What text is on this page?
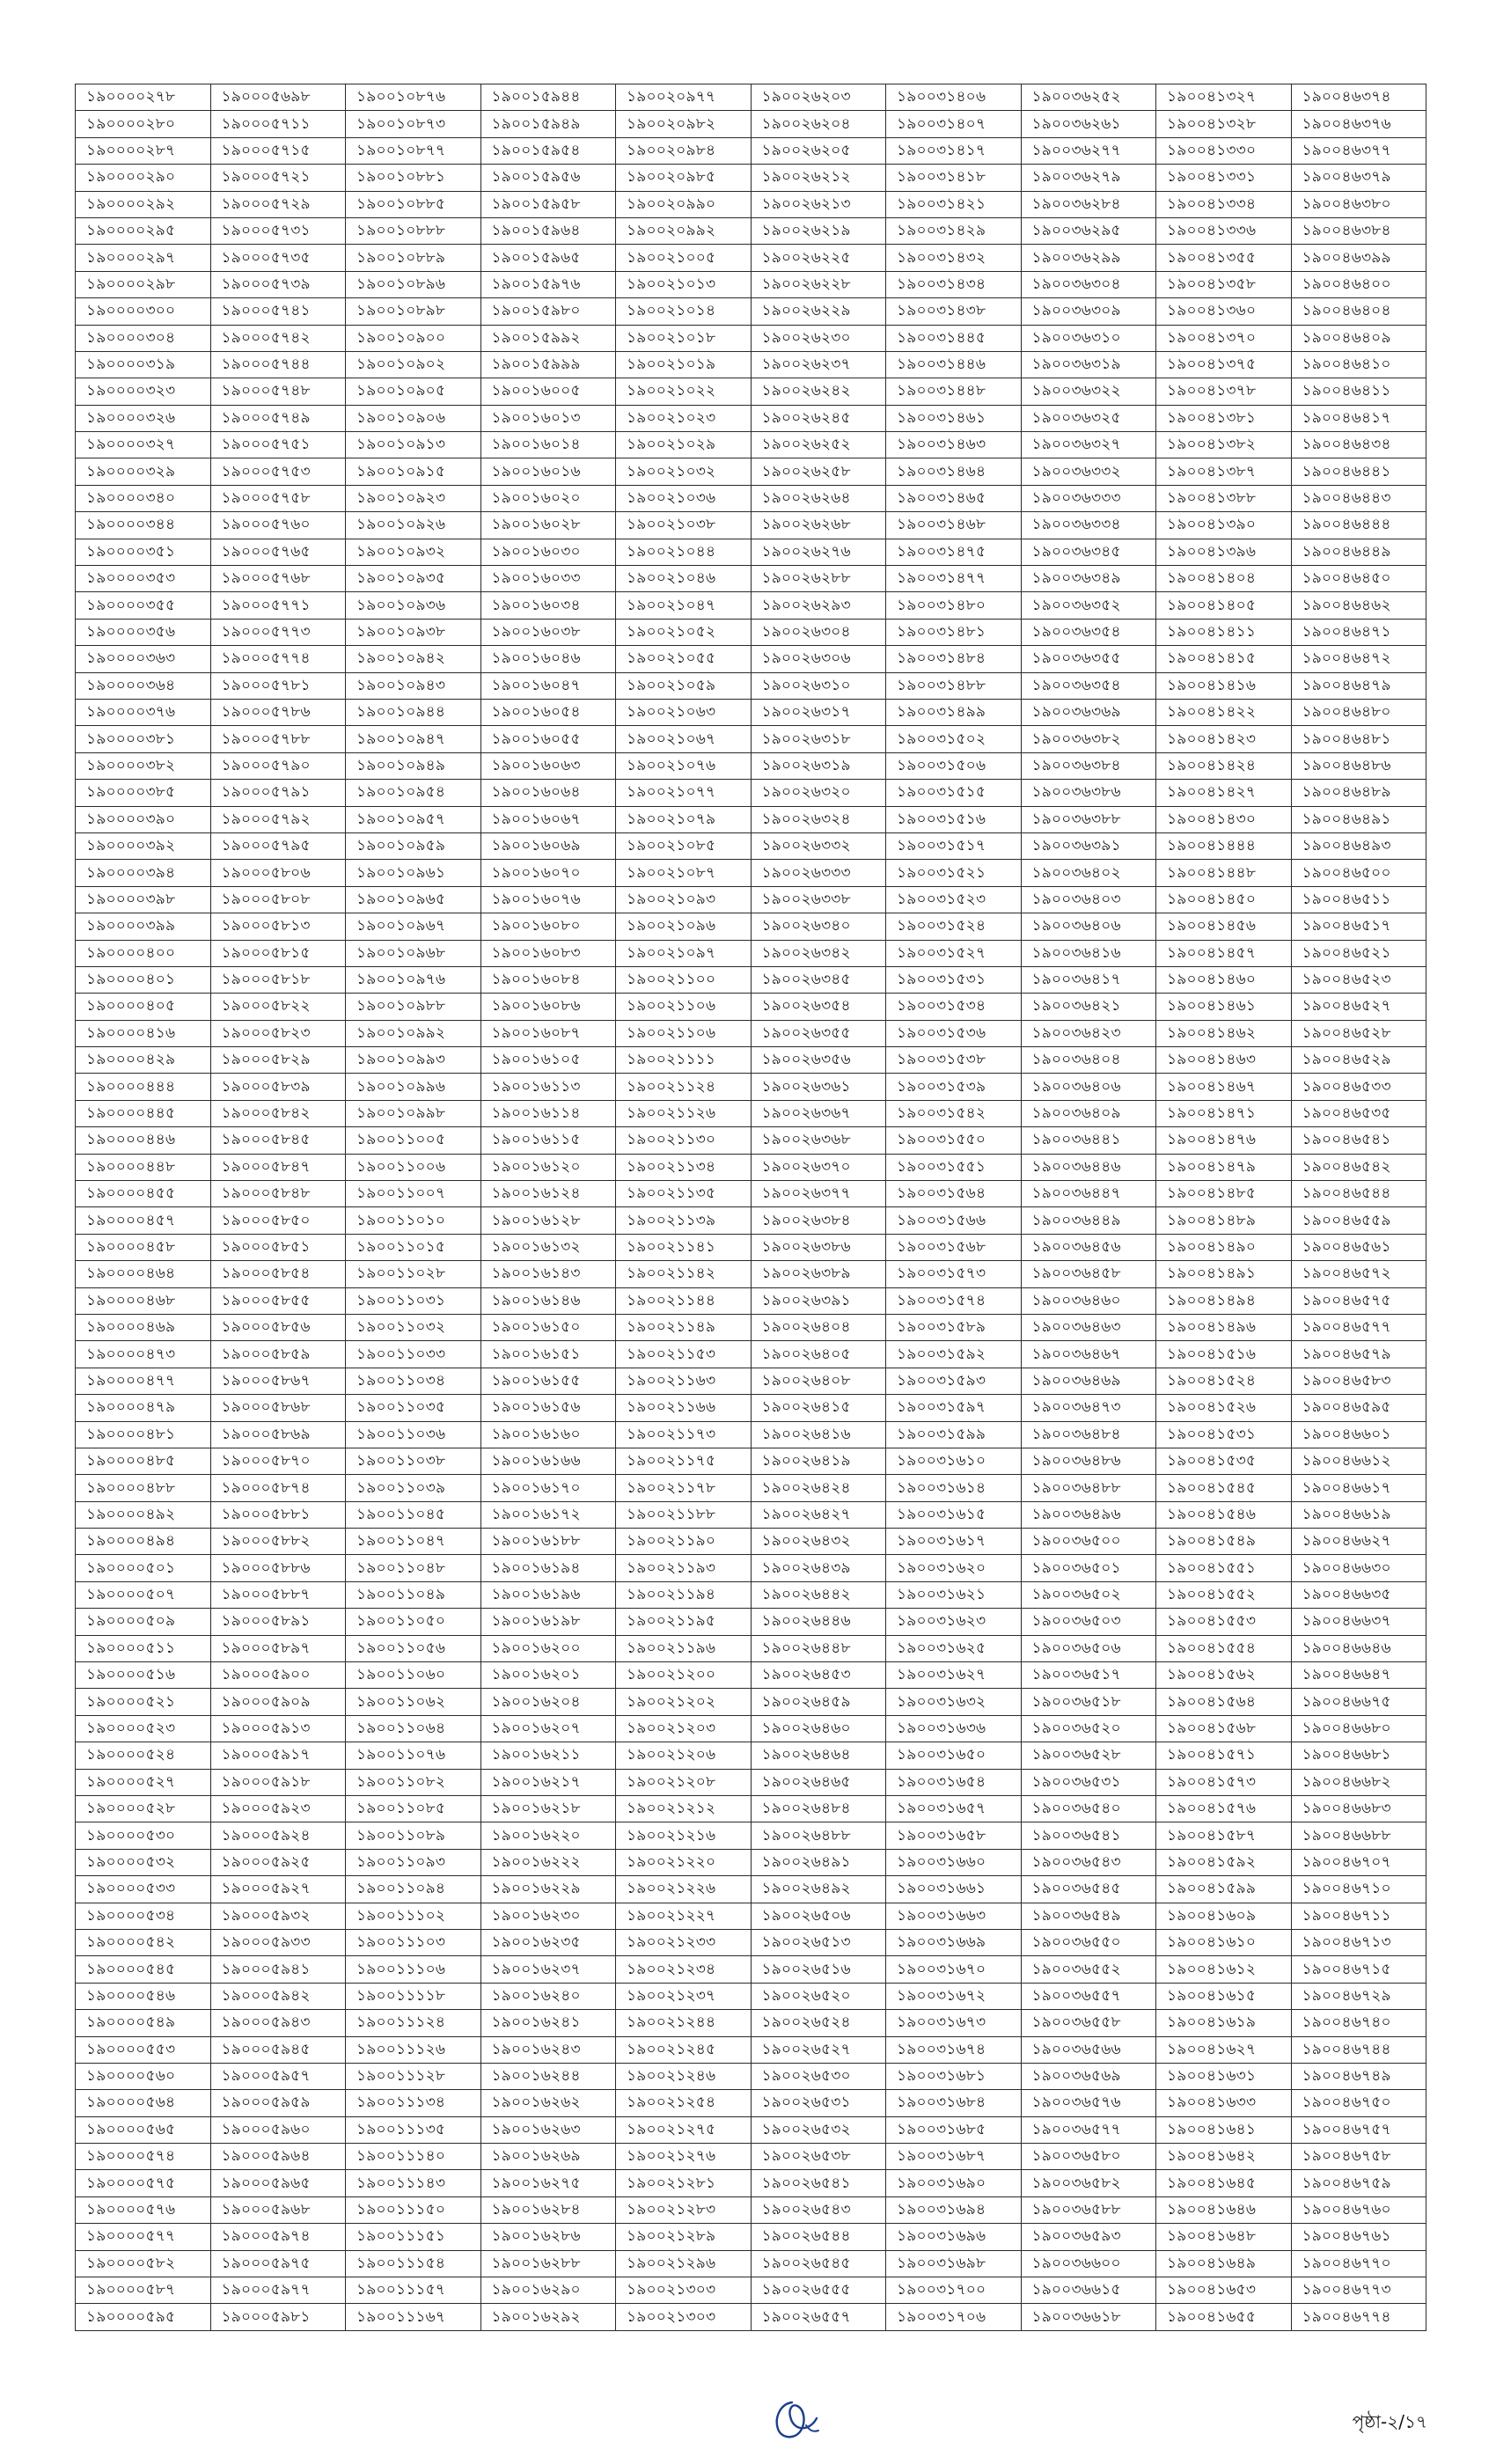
১৯০০০০২৭৮	১৯০০০৫৬৯৮	১৯০০১০৮৭৬	১৯০০১৫৯৪৪	১৯০০২০৯৭৭	১৯০০২৬২০৩	১৯০০৩১৪০৬	১৯০০৩৬২৫২	১৯০০৪১৩২৭	১৯০০৪৬৩৭৪
১৯০০০০২৮০	১৯০০০৫৭১১	১৯০০১০৮৭৩	১৯০০১৫৯৪৯	১৯০০২০৯৮২	১৯০০২৬২০৪	১৯০০৩১৪০৭	১৯০০৩৬২৬১	১৯০০৪১৩২৮	১৯০০৪৬৩৭৬
১৯০০০০২৮৭	১৯০০০৫৭১৫	১৯০০১০৮৭৭	১৯০০১৫৯৫৪	১৯০০২০৯৮৪	১৯০০২৬২০৫	১৯০০৩১৪১৭	১৯০০৩৬২৭৭	১৯০০৪১৩৩০	১৯০০৪৬৩৭৭
১৯০০০০২৯০	১৯০০০৫৭২১	১৯০০১০৮৮১	১৯০০১৫৯৫৬	১৯০০২০৯৮৫	১৯০০২৬২১২	১৯০০৩১৪১৮	১৯০০৩৬২৭৯	১৯০০৪১৩৩১	১৯০০৪৬৩৭৯
১৯০০০০২৯২	১৯০০০৫৭২৯	১৯০০১০৮৮৫	১৯০০১৫৯৫৮	১৯০০২০৯৯০	১৯০০২৬২১৩	১৯০০৩১৪২১	১৯০০৩৬২৮৪	১৯০০৪১৩৩৪	১৯০০৪৬৩৮০
১৯০০০০২৯৫	১৯০০০৫৭৩১	১৯০০১০৮৮৮	১৯০০১৫৯৬৪	১৯০০২০৯৯২	১৯০০২৬২১৯	১৯০০৩১৪২৯	১৯০০৩৬২৯৫	১৯০০৪১৩৩৬	১৯০০৪৬৩৮৪
১৯০০০০২৯৭	১৯০০০৫৭৩৫	১৯০০১০৮৮৯	১৯০০১৫৯৬৫	১৯০০২১০০৫	১৯০০২৬২২৫	১৯০০৩১৪৩২	১৯০০৩৬২৯৯	১৯০০৪১৩৫৫	১৯০০৪৬৩৯৯
১৯০০০০২৯৮	১৯০০০৫৭৩৯	১৯০০১০৮৯৬	১৯০০১৫৯৭৬	১৯০০২১০১৩	১৯০০২৬২২৮	১৯০০৩১৪৩৪	১৯০০৩৬৩০৪	১৯০০৪১৩৫৮	১৯০০৪৬৪০০
১৯০০০০৩০০	১৯০০০৫৭৪১	১৯০০১০৮৯৮	১৯০০১৫৯৮০	১৯০০২১০১৪	১৯০০২৬২২৯	১৯০০৩১৪৩৮	১৯০০৩৬৩০৯	১৯০০৪১৩৬০	১৯০০৪৬৪০৪
১৯০০০০৩০৪	১৯০০০৫৭৪২	১৯০০১০৯০০	১৯০০১৫৯৯২	১৯০০২১০১৮	১৯০০২৬২৩০	১৯০০৩১৪৪৫	১৯০০৩৬৩১০	১৯০০৪১৩৭০	১৯০০৪৬৪০৯
১৯০০০০৩১৯	১৯০০০৫৭৪৪	১৯০০১০৯০২	১৯০০১৫৯৯৯	১৯০০২১০১৯	১৯০০২৬২৩৭	১৯০০৩১৪৪৬	১৯০০৩৬৩১৯	১৯০০৪১৩৭৫	১৯০০৪৬৪১০
১৯০০০০৩২৩	১৯০০০৫৭৪৮	১৯০০১০৯০৫	১৯০০১৬০০৫	১৯০০২১০২২	১৯০০২৬২৪২	১৯০০৩১৪৪৮	১৯০০৩৬৩২২	১৯০০৪১৩৭৮	১৯০০৪৬৪১১
১৯০০০০৩২৬	১৯০০০৫৭৪৯	১৯০০১০৯০৬	১৯০০১৬০১৩	১৯০০২১০২৩	১৯০০২৬২৪৫	১৯০০৩১৪৬১	১৯০০৩৬৩২৫	১৯০০৪১৩৮১	১৯০০৪৬৪১৭
১৯০০০০৩২৭	১৯০০০৫৭৫১	১৯০০১০৯১৩	১৯০০১৬০১৪	১৯০০২১০২৯	১৯০০২৬২৫২	১৯০০৩১৪৬৩	১৯০০৩৬৩২৭	১৯০০৪১৩৮২	১৯০০৪৬৪৩৪
১৯০০০০৩২৯	১৯০০০৫৭৫৩	১৯০০১০৯১৫	১৯০০১৬০১৬	১৯০০২১০৩২	১৯০০২৬২৫৮	১৯০০৩১৪৬৪	১৯০০৩৬৩৩২	১৯০০৪১৩৮৭	১৯০০৪৬৪৪১
১৯০০০০৩৪০	১৯০০০৫৭৫৮	১৯০০১০৯২৩	১৯০০১৬০২০	১৯০০২১০৩৬	১৯০০২৬২৬৪	১৯০০৩১৪৬৫	১৯০০৩৬৩৩৩	১৯০০৪১৩৮৮	১৯০০৪৬৪৪৩
১৯০০০০৩৪৪	১৯০০০৫৭৬০	১৯০০১০৯২৬	১৯০০১৬০২৮	১৯০০২১০৩৮	১৯০০২৬২৬৮	১৯০০৩১৪৬৮	১৯০০৩৬৩৩৪	১৯০০৪১৩৯০	১৯০০৪৬৪৪৪
১৯০০০০৩৫১	১৯০০০৫৭৬৫	১৯০০১০৯৩২	১৯০০১৬০৩০	১৯০০২১০৪৪	১৯০০২৬২৭৬	১৯০০৩১৪৭৫	১৯০০৩৬৩৪৫	১৯০০৪১৩৯৬	১৯০০৪৬৪৪৯
১৯০০০০৩৫৩	১৯০০০৫৭৬৮	১৯০০১০৯৩৫	১৯০০১৬০৩৩	১৯০০২১০৪৬	১৯০০২৬২৮৮	১৯০০৩১৪৭৭	১৯০০৩৬৩৪৯	১৯০০৪১৪০৪	১৯০০৪৬৪৫০
১৯০০০০৩৫৫	১৯০০০৫৭৭১	১৯০০১০৯৩৬	১৯০০১৬০৩৪	১৯০০২১০৪৭	১৯০০২৬২৯৩	১৯০০৩১৪৮০	১৯০০৩৬৩৫২	১৯০০৪১৪০৫	১৯০০৪৬৪৬২
১৯০০০০৩৫৬	১৯০০০৫৭৭৩	১৯০০১০৯৩৮	১৯০০১৬০৩৮	১৯০০২১০৫২	১৯০০২৬৩০৪	১৯০০৩১৪৮১	১৯০০৩৬৩৫৪	১৯০০৪১৪১১	১৯০০৪৬৪৭১
১৯০০০০৩৬৩	১৯০০০৫৭৭৪	১৯০০১০৯৪২	১৯০০১৬০৪৬	১৯০০২১০৫৫	১৯০০২৬৩০৬	১৯০০৩১৪৮৪	১৯০০৩৬৩৫৫	১৯০০৪১৪১৫	১৯০০৪৬৪৭২
১৯০০০০৩৬৪	১৯০০০৫৭৮১	১৯০০১০৯৪৩	১৯০০১৬০৪৭	১৯০০২১০৫৯	১৯০০২৬৩১০	১৯০০৩১৪৮৮	১৯০০৩৬৩৫৪	১৯০০৪১৪১৬	১৯০০৪৬৪৭৯
১৯০০০০৩৭৬	১৯০০০৫৭৮৬	১৯০০১০৯৪৪	১৯০০১৬০৫৪	১৯০০২১০৬৩	১৯০০২৬৩১৭	১৯০০৩১৪৯৯	১৯০০৩৬৩৬৯	১৯০০৪১৪২২	১৯০০৪৬৪৮০
১৯০০০০৩৮১	১৯০০০৫৭৮৮	১৯০০১০৯৪৭	১৯০০১৬০৫৫	১৯০০২১০৬৭	১৯০০২৬৩১৮	১৯০০৩১৫০২	১৯০০৩৬৩৮২	১৯০০৪১৪২৩	১৯০০৪৬৪৮১
১৯০০০০৩৮২	১৯০০০৫৭৯০	১৯০০১০৯৪৯	১৯০০১৬০৬৩	১৯০০২১০৭৬	১৯০০২৬৩১৯	১৯০০৩১৫০৬	১৯০০৩৬৩৮৪	১৯০০৪১৪২৪	১৯০০৪৬৪৮৬
১৯০০০০৩৮৫	১৯০০০৫৭৯১	১৯০০১০৯৫৪	১৯০০১৬০৬৪	১৯০০২১০৭৭	১৯০০২৬৩২০	১৯০০৩১৫১৫	১৯০০৩৬৩৮৬	১৯০০৪১৪২৭	১৯০০৪৬৪৮৯
১৯০০০০৩৯০	১৯০০০৫৭৯২	১৯০০১০৯৫৭	১৯০০১৬০৬৭	১৯০০২১০৭৯	১৯০০২৬৩২৪	১৯০০৩১৫১৬	১৯০০৩৬৩৮৮	১৯০০৪১৪৩০	১৯০০৪৬৪৯১
১৯০০০০৩৯২	১৯০০০৫৭৯৫	১৯০০১০৯৫৯	১৯০০১৬০৬৯	১৯০০২১০৮৫	১৯০০২৬৩৩২	১৯০০৩১৫১৭	১৯০০৩৬৩৯১	১৯০০৪১৪৪৪	১৯০০৪৬৪৯৩
১৯০০০০৩৯৪	১৯০০০৫৮০৬	১৯০০১০৯৬১	১৯০০১৬০৭০	১৯০০২১০৮৭	১৯০০২৬৩৩৩	১৯০০৩১৫২১	১৯০০৩৬৪০২	১৯০০৪১৪৪৮	১৯০০৪৬৫০০
১৯০০০০৩৯৮	১৯০০০৫৮০৮	১৯০০১০৯৬৫	১৯০০১৬০৭৬	১৯০০২১০৯৩	১৯০০২৬৩৩৮	১৯০০৩১৫২৩	১৯০০৩৬৪০৩	১৯০০৪১৪৫০	১৯০০৪৬৫১১
১৯০০০০৩৯৯	১৯০০০৫৮১৩	১৯০০১০৯৬৭	১৯০০১৬০৮০	১৯০০২১০৯৬	১৯০০২৬৩৪০	১৯০০৩১৫২৪	১৯০০৩৬৪০৬	১৯০০৪১৪৫৬	১৯০০৪৬৫১৭
১৯০০০০৪০০	১৯০০০৫৮১৫	১৯০০১০৯৬৮	১৯০০১৬০৮৩	১৯০০২১০৯৭	১৯০০২৬৩৪২	১৯০০৩১৫২৭	১৯০০৩৬৪১৬	১৯০০৪১৪৫৭	১৯০০৪৬৫২১
১৯০০০০৪০১	১৯০০০৫৮১৮	১৯০০১০৯৭৬	১৯০০১৬০৮৪	১৯০০২১১০০	১৯০০২৬৩৪৫	১৯০০৩১৫৩১	১৯০০৩৬৪১৭	১৯০০৪১৪৬০	১৯০০৪৬৫২৩
১৯০০০০৪০৫	১৯০০০৫৮২২	১৯০০১০৯৮৮	১৯০০১৬০৮৬	১৯০০২১১০৬	১৯০০২৬৩৫৪	১৯০০৩১৫৩৪	১৯০০৩৬৪২১	১৯০০৪১৪৬১	১৯০০৪৬৫২৭
১৯০০০০৪১৬	১৯০০০৫৮২৩	১৯০০১০৯৯২	১৯০০১৬০৮৭	১৯০০২১১০৬	১৯০০২৬৩৫৫	১৯০০৩১৫৩৬	১৯০০৩৬৪২৩	১৯০০৪১৪৬২	১৯০০৪৬৫২৮
১৯০০০০৪২৯	১৯০০০৫৮২৯	১৯০০১০৯৯৩	১৯০০১৬১০৫	১৯০০২১১১১	১৯০০২৬৩৫৬	১৯০০৩১৫৩৮	১৯০০৩৬৪০৪	১৯০০৪১৪৬৩	১৯০০৪৬৫২৯
১৯০০০০৪৪৪	১৯০০০৫৮৩৯	১৯০০১০৯৯৬	১৯০০১৬১১৩	১৯০০২১১২৪	১৯০০২৬৩৬১	১৯০০৩১৫৩৯	১৯০০৩৬৪০৬	১৯০০৪১৪৬৭	১৯০০৪৬৫৩৩
১৯০০০০৪৪৫	১৯০০০৫৮৪২	১৯০০১০৯৯৮	১৯০০১৬১১৪	১৯০০২১১২৬	১৯০০২৬৩৬৭	১৯০০৩১৫৪২	১৯০০৩৬৪০৯	১৯০০৪১৪৭১	১৯০০৪৬৫৩৫
১৯০০০০৪৪৬	১৯০০০৫৮৪৫	১৯০০১১০০৫	১৯০০১৬১১৫	১৯০০২১১৩০	১৯০০২৬৩৬৮	১৯০০৩১৫৫০	১৯০০৩৬৪৪১	১৯০০৪১৪৭৬	১৯০০৪৬৫৪১
১৯০০০০৪৪৮	১৯০০০৫৮৪৭	১৯০০১১০০৬	১৯০০১৬১২০	১৯০০২১১৩৪	১৯০০২৬৩৭০	১৯০০৩১৫৫১	১৯০০৩৬৪৪৬	১৯০০৪১৪৭৯	১৯০০৪৬৫৪২
১৯০০০০৪৫৫	১৯০০০৫৮৪৮	১৯০০১১০০৭	১৯০০১৬১২৪	১৯০০২১১৩৫	১৯০০২৬৩৭৭	১৯০০৩১৫৬৪	১৯০০৩৬৪৪৭	১৯০০৪১৪৮৫	১৯০০৪৬৫৪৪
১৯০০০০৪৫৭	১৯০০০৫৮৫০	১৯০০১১০১০	১৯০০১৬১২৮	১৯০০২১১৩৯	১৯০০২৬৩৮৪	১৯০০৩১৫৬৬	১৯০০৩৬৪৪৯	১৯০০৪১৪৮৯	১৯০০৪৬৫৫৯
১৯০০০০৪৫৮	১৯০০০৫৮৫১	১৯০০১১০১৫	১৯০০১৬১৩২	১৯০০২১১৪১	১৯০০২৬৩৮৬	১৯০০৩১৫৬৮	১৯০০৩৬৪৫৬	১৯০০৪১৪৯০	১৯০০৪৬৫৬১
১৯০০০০৪৬৪	১৯০০০৫৮৫৪	১৯০০১১০২৮	১৯০০১৬১৪৩	১৯০০২১১৪২	১৯০০২৬৩৮৯	১৯০০৩১৫৭৩	১৯০০৩৬৪৫৮	১৯০০৪১৪৯১	১৯০০৪৬৫৭২
১৯০০০০৪৬৮	১৯০০০৫৮৫৫	১৯০০১১০৩১	১৯০০১৬১৪৬	১৯০০২১১৪৪	১৯০০২৬৩৯১	১৯০০৩১৫৭৪	১৯০০৩৬৪৬০	১৯০০৪১৪৯৪	১৯০০৪৬৫৭৫
১৯০০০০৪৬৯	১৯০০০৫৮৫৬	১৯০০১১০৩২	১৯০০১৬১৫০	১৯০০২১১৪৯	১৯০০২৬৪০৪	১৯০০৩১৫৮৯	১৯০০৩৬৪৬৩	১৯০০৪১৪৯৬	১৯০০৪৬৫৭৭
১৯০০০০৪৭৩	১৯০০০৫৮৫৯	১৯০০১১০৩৩	১৯০০১৬১৫১	১৯০০২১১৫৩	১৯০০২৬৪০৫	১৯০০৩১৫৯২	১৯০০৩৬৪৬৭	১৯০০৪১৫১৬	১৯০০৪৬৫৭৯
১৯০০০০৪৭৭	১৯০০০৫৮৬৭	১৯০০১১০৩৪	১৯০০১৬১৫৫	১৯০০২১১৬৩	১৯০০২৬৪০৮	১৯০০৩১৫৯৩	১৯০০৩৬৪৬৯	১৯০০৪১৫২৪	১৯০০৪৬৫৮৩
১৯০০০০৪৭৯	১৯০০০৫৮৬৮	১৯০০১১০৩৫	১৯০০১৬১৫৬	১৯০০২১১৬৬	১৯০০২৬৪১৫	১৯০০৩১৫৯৭	১৯০০৩৬৪৭৩	১৯০০৪১৫২৬	১৯০০৪৬৫৯৫
১৯০০০০৪৮১	১৯০০০৫৮৬৯	১৯০০১১০৩৬	১৯০০১৬১৬০	১৯০০২১১৭৩	১৯০০২৬৪১৬	১৯০০৩১৫৯৯	১৯০০৩৬৪৮৪	১৯০০৪১৫৩১	১৯০০৪৬৬০১
১৯০০০০৪৮৫	১৯০০০৫৮৭০	১৯০০১১০৩৮	১৯০০১৬১৬৬	১৯০০২১১৭৫	১৯০০২৬৪১৯	১৯০০৩১৬১০	১৯০০৩৬৪৮৬	১৯০০৪১৫৩৫	১৯০০৪৬৬১২
১৯০০০০৪৮৮	১৯০০০৫৮৭৪	১৯০০১১০৩৯	১৯০০১৬১৭০	১৯০০২১১৭৮	১৯০০২৬৪২৪	১৯০০৩১৬১৪	১৯০০৩৬৪৮৮	১৯০০৪১৫৪৫	১৯০০৪৬৬১৭
১৯০০০০৪৯২	১৯০০০৫৮৮১	১৯০০১১০৪৫	১৯০০১৬১৭২	১৯০০২১১৮৮	১৯০০২৬৪২৭	১৯০০৩১৬১৫	১৯০০৩৬৪৯৬	১৯০০৪১৫৪৬	১৯০০৪৬৬১৯
১৯০০০০৪৯৪	১৯০০০৫৮৮২	১৯০০১১০৪৭	১৯০০১৬১৮৮	১৯০০২১১৯০	১৯০০২৬৪৩২	১৯০০৩১৬১৭	১৯০০৩৬৫০০	১৯০০৪১৫৪৯	১৯০০৪৬৬২৭
১৯০০০০৫০১	১৯০০০৫৮৮৬	১৯০০১১০৪৮	১৯০০১৬১৯৪	১৯০০২১১৯৩	১৯০০২৬৪৩৯	১৯০০৩১৬২০	১৯০০৩৬৫০১	১৯০০৪১৫৫১	১৯০০৪৬৬৩০
১৯০০০০৫০৭	১৯০০০৫৮৮৭	১৯০০১১০৪৯	১৯০০১৬১৯৬	১৯০০২১১৯৪	১৯০০২৬৪৪২	১৯০০৩১৬২১	১৯০০৩৬৫০২	১৯০০৪১৫৫২	১৯০০৪৬৬৩৫
১৯০০০০৫০৯	১৯০০০৫৮৯১	১৯০০১১০৫০	১৯০০১৬১৯৮	১৯০০২১১৯৫	১৯০০২৬৪৪৬	১৯০০৩১৬২৩	১৯০০৩৬৫০৩	১৯০০৪১৫৫৩	১৯০০৪৬৬৩৭
১৯০০০০৫১১	১৯০০০৫৮৯৭	১৯০০১১০৫৬	১৯০০১৬২০০	১৯০০২১১৯৬	১৯০০২৬৪৪৮	১৯০০৩১৬২৫	১৯০০৩৬৫০৬	১৯০০৪১৫৫৪	১৯০০৪৬৬৪৬
১৯০০০০৫১৬	১৯০০০৫৯০০	১৯০০১১০৬০	১৯০০১৬২০১	১৯০০২১২০০	১৯০০২৬৪৫৩	১৯০০৩১৬২৭	১৯০০৩৬৫১৭	১৯০০৪১৫৬২	১৯০০৪৬৬৪৭
১৯০০০০৫২১	১৯০০০৫৯০৯	১৯০০১১০৬২	১৯০০১৬২০৪	১৯০০২১২০২	১৯০০২৬৪৫৯	১৯০০৩১৬৩২	১৯০০৩৬৫১৮	১৯০০৪১৫৬৪	১৯০০৪৬৬৭৫
১৯০০০০৫২৩	১৯০০০৫৯১৩	১৯০০১১০৬৪	১৯০০১৬২০৭	১৯০০২১২০৩	১৯০০২৬৪৬০	১৯০০৩১৬৩৬	১৯০০৩৬৫২০	১৯০০৪১৫৬৮	১৯০০৪৬৬৮০
১৯০০০০৫২৪	১৯০০০৫৯১৭	১৯০০১১০৭৬	১৯০০১৬২১১	১৯০০২১২০৬	১৯০০২৬৪৬৪	১৯০০৩১৬৫০	১৯০০৩৬৫২৮	১৯০০৪১৫৭১	১৯০০৪৬৬৮১
১৯০০০০৫২৭	১৯০০০৫৯১৮	১৯০০১১০৮২	১৯০০১৬২১৭	১৯০০২১২০৮	১৯০০২৬৪৬৫	১৯০০৩১৬৫৪	১৯০০৩৬৫৩১	১৯০০৪১৫৭৩	১৯০০৪৬৬৮২
১৯০০০০৫২৮	১৯০০০৫৯২৩	১৯০০১১০৮৫	১৯০০১৬২১৮	১৯০০২১২১২	১৯০০২৬৪৮৪	১৯০০৩১৬৫৭	১৯০০৩৬৫৪০	১৯০০৪১৫৭৬	১৯০০৪৬৬৮৩
১৯০০০০৫৩০	১৯০০০৫৯২৪	১৯০০১১০৮৯	১৯০০১৬২২০	১৯০০২১২১৬	১৯০০২৬৪৮৮	১৯০০৩১৬৫৮	১৯০০৩৬৫৪১	১৯০০৪১৫৮৭	১৯০০৪৬৬৮৮
১৯০০০০৫৩২	১৯০০০৫৯২৫	১৯০০১১০৯৩	১৯০০১৬২২২	১৯০০২১২২০	১৯০০২৬৪৯১	১৯০০৩১৬৬০	১৯০০৩৬৫৪৩	১৯০০৪১৫৯২	১৯০০৪৬৭০৭
১৯০০০০৫৩৩	১৯০০০৫৯২৭	১৯০০১১০৯৪	১৯০০১৬২২৯	১৯০০২১২২৬	১৯০০২৬৪৯২	১৯০০৩১৬৬১	১৯০০৩৬৫৪৫	১৯০০৪১৫৯৯	১৯০০৪৬৭১০
১৯০০০০৫৩৪	১৯০০০৫৯৩২	১৯০০১১১০২	১৯০০১৬২৩০	১৯০০২১২২৭	১৯০০২৬৫০৬	১৯০০৩১৬৬৩	১৯০০৩৬৫৪৯	১৯০০৪১৬০৯	১৯০০৪৬৭১১
১৯০০০০৫৪২	১৯০০০৫৯৩৩	১৯০০১১১০৩	১৯০০১৬২৩৫	১৯০০২১২৩৩	১৯০০২৬৫১৩	১৯০০৩১৬৬৯	১৯০০৩৬৫৫০	১৯০০৪১৬১০	১৯০০৪৬৭১৩
১৯০০০০৫৪৫	১৯০০০৫৯৪১	১৯০০১১১০৬	১৯০০১৬২৩৭	১৯০০২১২৩৪	১৯০০২৬৫১৬	১৯০০৩১৬৭০	১৯০০৩৬৫৫২	১৯০০৪১৬১২	১৯০০৪৬৭১৫
১৯০০০০৫৪৬	১৯০০০৫৯৪২	১৯০০১১১১৮	১৯০০১৬২৪০	১৯০০২১২৩৭	১৯০০২৬৫২০	১৯০০৩১৬৭২	১৯০০৩৬৫৫৭	১৯০০৪১৬১৫	১৯০০৪৬৭২৯
১৯০০০০৫৪৯	১৯০০০৫৯৪৩	১৯০০১১১২৪	১৯০০১৬২৪১	১৯০০২১২৪৪	১৯০০২৬৫২৪	১৯০০৩১৬৭৩	১৯০০৩৬৫৫৮	১৯০০৪১৬১৯	১৯০০৪৬৭৪০
১৯০০০০৫৫৩	১৯০০০৫৯৪৫	১৯০০১১১২৬	১৯০০১৬২৪৩	১৯০০২১২৪৫	১৯০০২৬৫২৭	১৯০০৩১৬৭৪	১৯০০৩৬৫৬৬	১৯০০৪১৬২৭	১৯০০৪৬৭৪৪
১৯০০০০৫৬০	১৯০০০৫৯৫৭	১৯০০১১১২৮	১৯০০১৬২৪৪	১৯০০২১২৪৬	১৯০০২৬৫৩০	১৯০০৩১৬৮১	১৯০০৩৬৫৬৯	১৯০০৪১৬৩১	১৯০০৪৬৭৪৯
১৯০০০০৫৬৪	১৯০০০৫৯৫৯	১৯০০১১১৩৪	১৯০০১৬২৬২	১৯০০২১২৫৪	১৯০০২৬৫৩১	১৯০০৩১৬৮৪	১৯০০৩৬৫৭৬	১৯০০৪১৬৩৩	১৯০০৪৬৭৫০
১৯০০০০৫৬৫	১৯০০০৫৯৬০	১৯০০১১১৩৫	১৯০০১৬২৬৩	১৯০০২১২৭৫	১৯০০২৬৫৩২	১৯০০৩১৬৮৫	১৯০০৩৬৫৭৭	১৯০০৪১৬৪১	১৯০০৪৬৭৫৭
১৯০০০০৫৭৪	১৯০০০৫৯৬৪	১৯০০১১১৪০	১৯০০১৬২৬৯	১৯০০২১২৭৬	১৯০০২৬৫৩৮	১৯০০৩১৬৮৭	১৯০০৩৬৫৮০	১৯০০৪১৬৪২	১৯০০৪৬৭৫৮
১৯০০০০৫৭৫	১৯০০০৫৯৬৫	১৯০০১১১৪৩	১৯০০১৬২৭৫	১৯০০২১২৮১	১৯০০২৬৫৪১	১৯০০৩১৬৯০	১৯০০৩৬৫৮২	১৯০০৪১৬৪৫	১৯০০৪৬৭৫৯
১৯০০০০৫৭৬	১৯০০০৫৯৬৮	১৯০০১১১৫০	১৯০০১৬২৮৪	১৯০০২১২৮৩	১৯০০২৬৫৪৩	১৯০০৩১৬৯৪	১৯০০৩৬৫৮৮	১৯০০৪১৬৪৬	১৯০০৪৬৭৬০
১৯০০০০৫৭৭	১৯০০০৫৯৭৪	১৯০০১১১৫১	১৯০০১৬২৮৬	১৯০০২১২৮৯	১৯০০২৬৫৪৪	১৯০০৩১৬৯৬	১৯০০৩৬৫৯৩	১৯০০৪১৬৪৮	১৯০০৪৬৭৬১
১৯০০০০৫৮২	১৯০০০৫৯৭৫	১৯০০১১১৫৪	১৯০০১৬২৮৮	১৯০০২১২৯৬	১৯০০২৬৫৪৫	১৯০০৩১৬৯৮	১৯০০৩৬৬০০	১৯০০৪১৬৪৯	১৯০০৪৬৭৭০
১৯০০০০৫৮৭	১৯০০০৫৯৭৭	১৯০০১১১৫৭	১৯০০১৬২৯০	১৯০০২১৩০৩	১৯০০২৬৫৫৫	১৯০০৩১৭০০	১৯০০৩৬৬১৫	১৯০০৪১৬৫৩	১৯০০৪৬৭৭৩
১৯০০০০৫৯৫	১৯০০০৫৯৮১	১৯০০১১১৬৭	১৯০০১৬২৯২	১৯০০২১৩০৩	১৯০০২৬৫৫৭	১৯০০৩১৭০৬	১৯০০৩৬৬১৮	১৯০০৪১৬৫৫	১৯০০৪৬৭৭৪
পৃষ্ঠা-২/১৭
